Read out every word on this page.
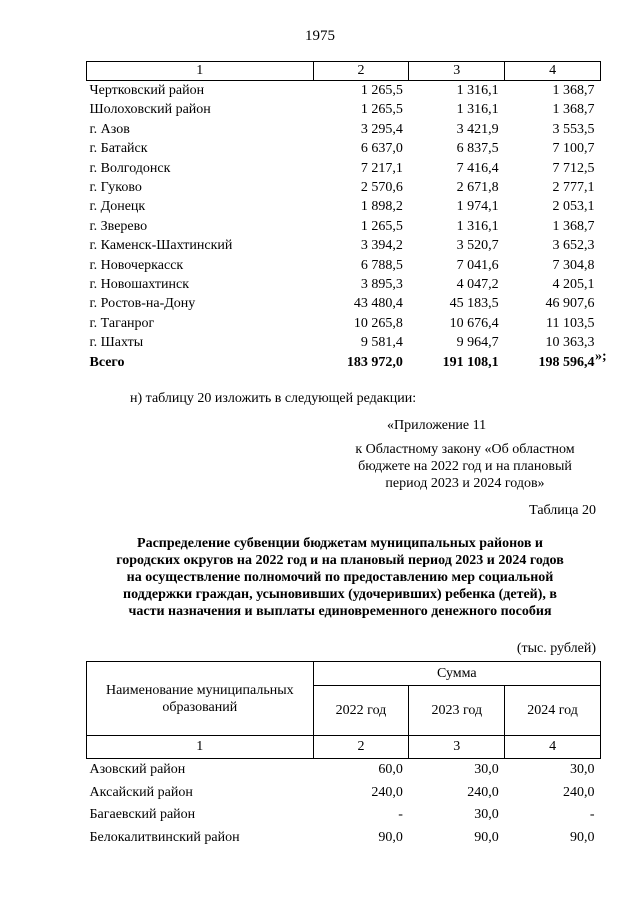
1975
1	2	3	4
Чертковский район	1 265,5	1 316,1	1 368,7
Шолоховский район	1 265,5	1 316,1	1 368,7
г. Азов	3 295,4	3 421,9	3 553,5
г. Батайск	6 637,0	6 837,5	7 100,7
г. Волгодонск	7 217,1	7 416,4	7 712,5
г. Гуково	2 570,6	2 671,8	2 777,1
г. Донецк	1 898,2	1 974,1	2 053,1
г. Зверево	1 265,5	1 316,1	1 368,7
г. Каменск-Шахтинский	3 394,2	3 520,7	3 652,3
г. Новочеркасск	6 788,5	7 041,6	7 304,8
г. Новошахтинск	3 895,3	4 047,2	4 205,1
г. Ростов-на-Дону	43 480,4	45 183,5	46 907,6
г. Таганрог	10 265,8	10 676,4	11 103,5
г. Шахты	9 581,4	9 964,7	10 363,3
Всего	183 972,0	191 108,1	198 596,4 »;
н) таблицу 20 изложить в следующей редакции:
«Приложение 11
к Областному закону «Об областном
бюджете на 2022 год и на плановый
период 2023 и 2024 годов»
Таблица 20
Распределение субвенции бюджетам муниципальных районов и
городских округов на 2022 год и на плановый период 2023 и 2024 годов
на осуществление полномочий по предоставлению мер социальной
поддержки граждан, усыновивших (удочеривших) ребенка (детей), в
части назначения и выплаты единовременного денежного пособия
(тыс. рублей)
Наименование муниципальных
образований	Сумма		
	2022 год	2023 год	2024 год
1	2	3	4
Азовский район	60,0	30,0	30,0
Аксайский район	240,0	240,0	240,0
Багаевский район	-	30,0	-
Белокалитвинский район	90,0	90,0	90,0
